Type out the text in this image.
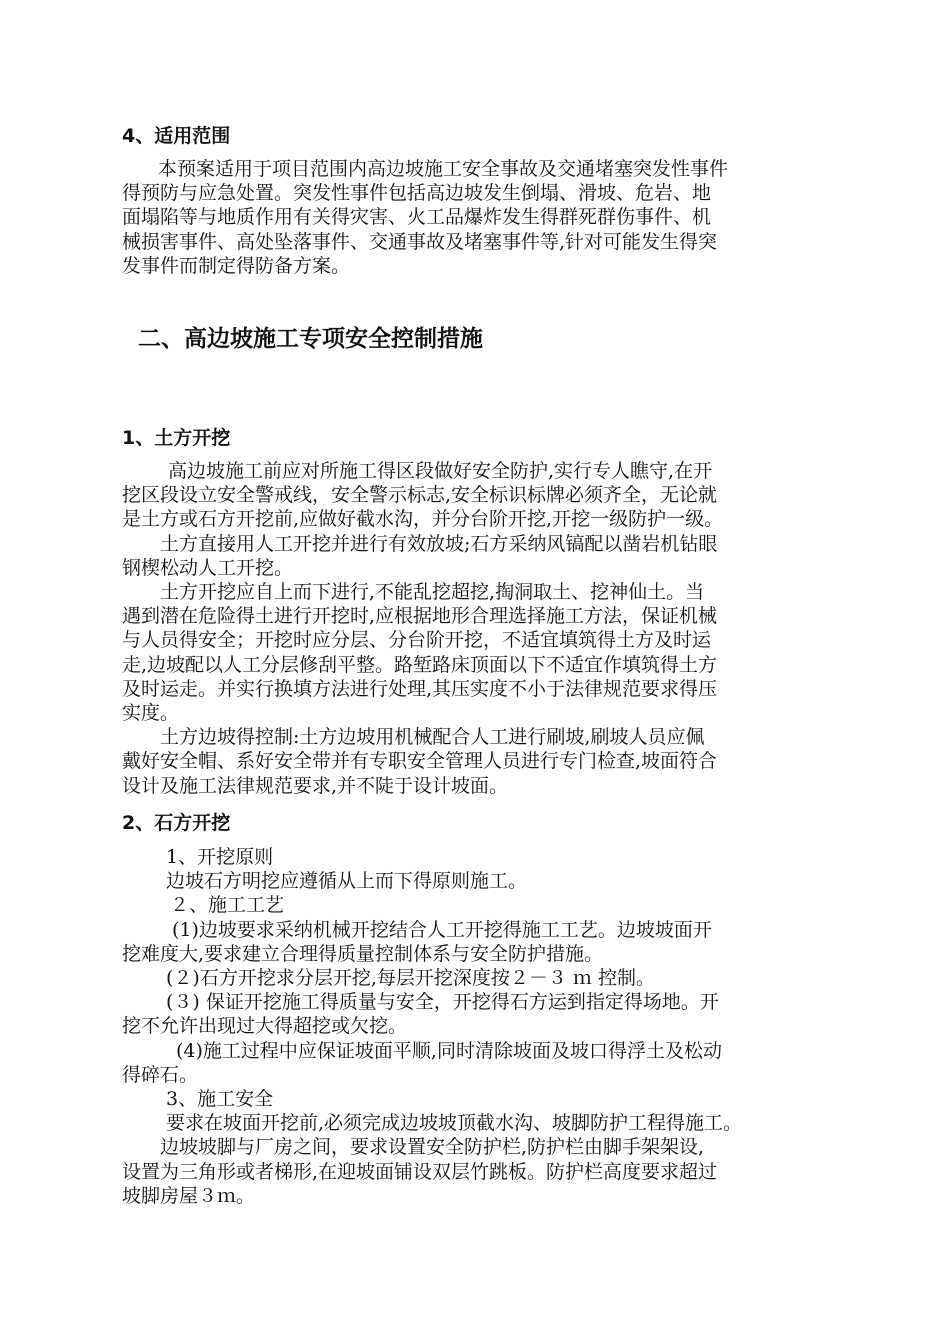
4、适用范围
本预案适用于项目范围内高边坡施工安全事故及交通堵塞突发性事件
得预防与应急处置。突发性事件包括高边坡发生倒塌、滑坡、危岩、地
面塌陷等与地质作用有关得灾害、火工品爆炸发生得群死群伤事件、机
械损害事件、高处坠落事件、交通事故及堵塞事件等,针对可能发生得突
发事件而制定得防备方案。
二、高边坡施工专项安全控制措施
1、土方开挖
高边坡施工前应对所施工得区段做好安全防护,实行专人瞧守,在开
挖区段设立安全警戒线，安全警示标志,安全标识标牌必须齐全，无论就
是土方或石方开挖前,应做好截水沟，并分台阶开挖,开挖一级防护一级。
土方直接用人工开挖并进行有效放坡;石方采纳风镐配以凿岩机钻眼
钢楔松动人工开挖。
土方开挖应自上而下进行,不能乱挖超挖,掏洞取土、挖神仙土。当
遇到潜在危险得土进行开挖时,应根据地形合理选择施工方法，保证机械
与人员得安全；开挖时应分层、分台阶开挖，不适宜填筑得土方及时运
走,边坡配以人工分层修刮平整。路堑路床顶面以下不适宜作填筑得土方
及时运走。并实行换填方法进行处理,其压实度不小于法律规范要求得压
实度。
土方边坡得控制:土方边坡用机械配合人工进行刷坡,刷坡人员应佩
戴好安全帽、系好安全带并有专职安全管理人员进行专门检查,坡面符合
设计及施工法律规范要求,并不陡于设计坡面。
2、石方开挖
1、开挖原则
边坡石方明挖应遵循从上而下得原则施工。
２、施工工艺
(1)边坡要求采纳机械开挖结合人工开挖得施工工艺。边坡坡面开
挖难度大,要求建立合理得质量控制体系与安全防护措施。
(２)石方开挖求分层开挖,每层开挖深度按２－３ ｍ 控制。
(３) 保证开挖施工得质量与安全，开挖得石方运到指定得场地。开
挖不允许出现过大得超挖或欠挖。
(4)施工过程中应保证坡面平顺,同时清除坡面及坡口得浮土及松动
得碎石。
3、施工安全
要求在坡面开挖前,必须完成边坡坡顶截水沟、坡脚防护工程得施工。
边坡坡脚与厂房之间，要求设置安全防护栏,防护栏由脚手架架设,
设置为三角形或者梯形,在迎坡面铺设双层竹跳板。防护栏高度要求超过
坡脚房屋３ｍ。
